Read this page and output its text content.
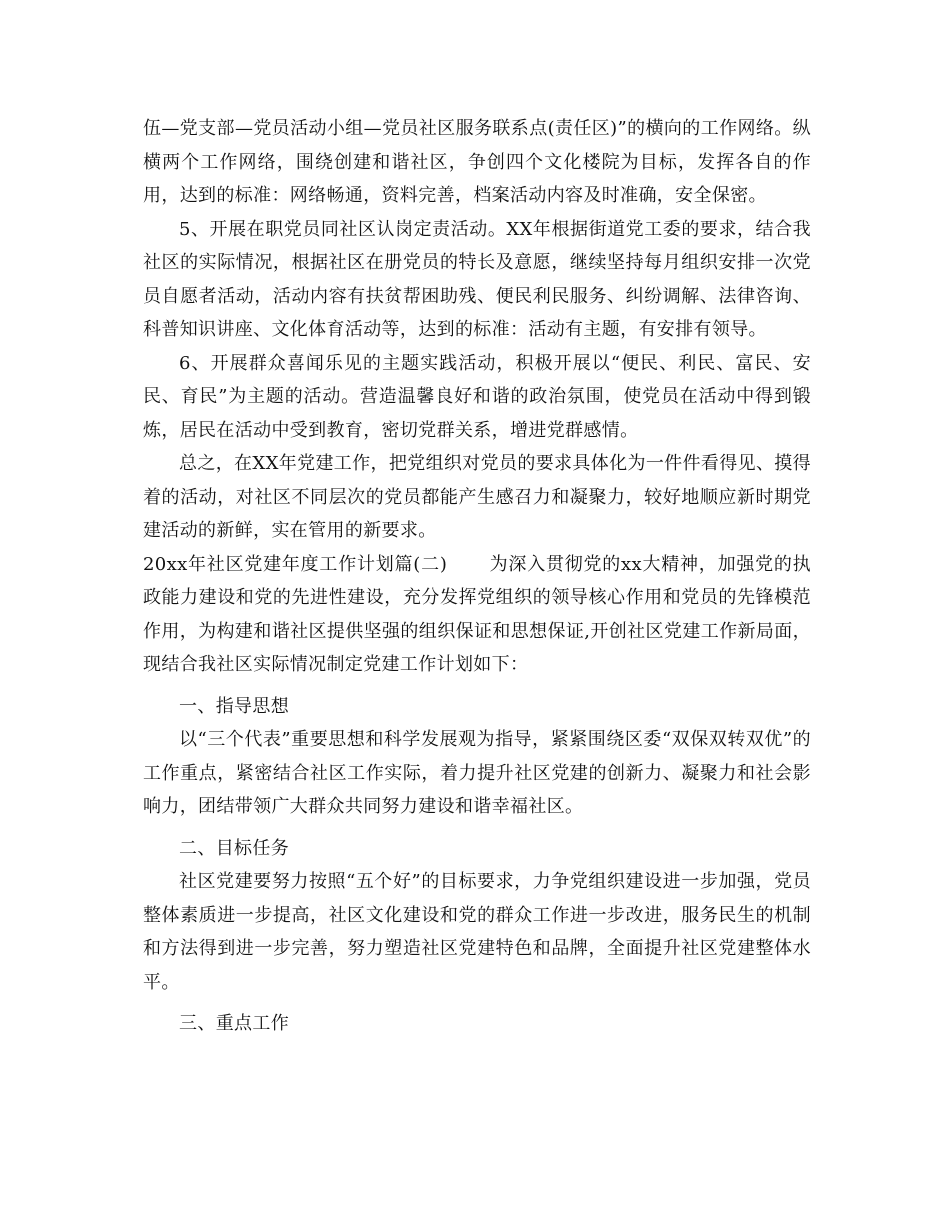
伍—党支部—党员活动小组—党员社区服务联系点(责任区)”的横向的工作网络。纵横两个工作网络，围绕创建和谐社区，争创四个文化楼院为目标，发挥各自的作用，达到的标准：网络畅通，资料完善，档案活动内容及时准确，安全保密。

5、开展在职党员同社区认岗定责活动。XX年根据街道党工委的要求，结合我社区的实际情况，根据社区在册党员的特长及意愿，继续坚持每月组织安排一次党员自愿者活动，活动内容有扶贫帮困助残、便民利民服务、纠纷调解、法律咨询、科普知识讲座、文化体育活动等，达到的标准：活动有主题，有安排有领导。

6、开展群众喜闻乐见的主题实践活动，积极开展以“便民、利民、富民、安民、育民”为主题的活动。营造温馨良好和谐的政治氛围，使党员在活动中得到锻炼，居民在活动中受到教育，密切党群关系，增进党群感情。

总之，在XX年党建工作，把党组织对党员的要求具体化为一件件看得见、摸得着的活动，对社区不同层次的党员都能产生感召力和凝聚力，较好地顺应新时期党建活动的新鲜，实在管用的新要求。

20xx年社区党建年度工作计划篇(二) 为深入贯彻党的xx大精神，加强党的执政能力建设和党的先进性建设，充分发挥党组织的领导核心作用和党员的先锋模范作用，为构建和谐社区提供坚强的组织保证和思想保证,开创社区党建工作新局面，现结合我社区实际情况制定党建工作计划如下：

一、指导思想

以“三个代表”重要思想和科学发展观为指导，紧紧围绕区委“双保双转双优”的工作重点，紧密结合社区工作实际，着力提升社区党建的创新力、凝聚力和社会影响力，团结带领广大群众共同努力建设和谐幸福社区。

二、目标任务

社区党建要努力按照“五个好”的目标要求，力争党组织建设进一步加强，党员整体素质进一步提高，社区文化建设和党的群众工作进一步改进，服务民生的机制和方法得到进一步完善，努力塑造社区党建特色和品牌，全面提升社区党建整体水平。

三、重点工作
